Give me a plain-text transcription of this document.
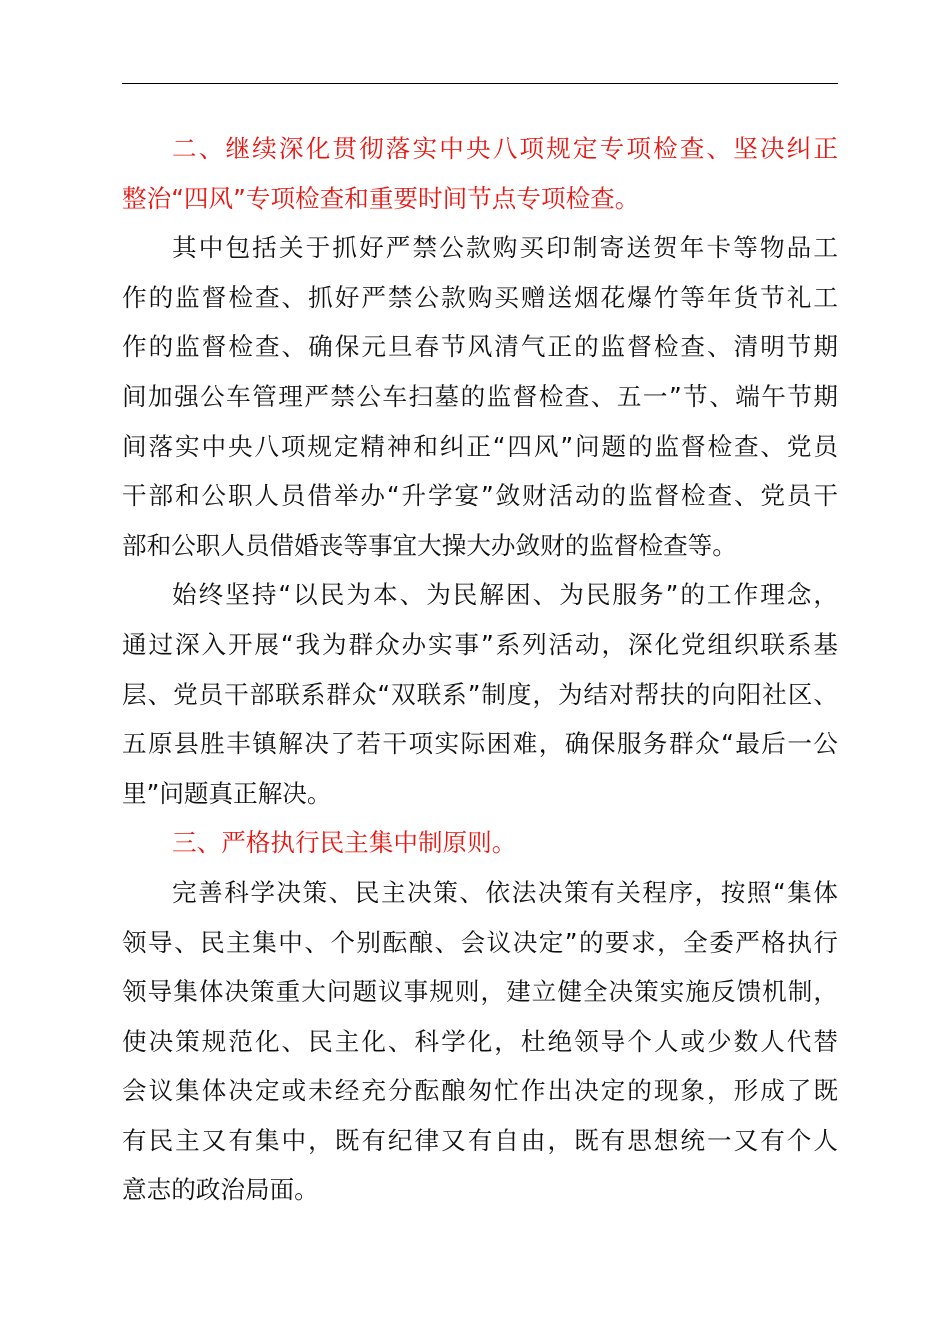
二、继续深化贯彻落实中央八项规定专项检查、坚决纠正
整治“四风”专项检查和重要时间节点专项检查。
其中包括关于抓好严禁公款购买印制寄送贺年卡等物品工
作的监督检查、抓好严禁公款购买赠送烟花爆竹等年货节礼工
作的监督检查、确保元旦春节风清气正的监督检查、清明节期
间加强公车管理严禁公车扫墓的监督检查、五一”节、端午节期
间落实中央八项规定精神和纠正“四风”问题的监督检查、党员
干部和公职人员借举办“升学宴”敛财活动的监督检查、党员干
部和公职人员借婚丧等事宜大操大办敛财的监督检查等。
始终坚持“以民为本、为民解困、为民服务”的工作理念，
通过深入开展“我为群众办实事”系列活动，深化党组织联系基
层、党员干部联系群众“双联系”制度，为结对帮扶的向阳社区、
五原县胜丰镇解决了若干项实际困难，确保服务群众“最后一公
里”问题真正解决。
三、严格执行民主集中制原则。
完善科学决策、民主决策、依法决策有关程序，按照“集体
领导、民主集中、个别酝酿、会议决定”的要求，全委严格执行
领导集体决策重大问题议事规则，建立健全决策实施反馈机制，
使决策规范化、民主化、科学化，杜绝领导个人或少数人代替
会议集体决定或未经充分酝酿匆忙作出决定的现象，形成了既
有民主又有集中，既有纪律又有自由，既有思想统一又有个人
意志的政治局面。
